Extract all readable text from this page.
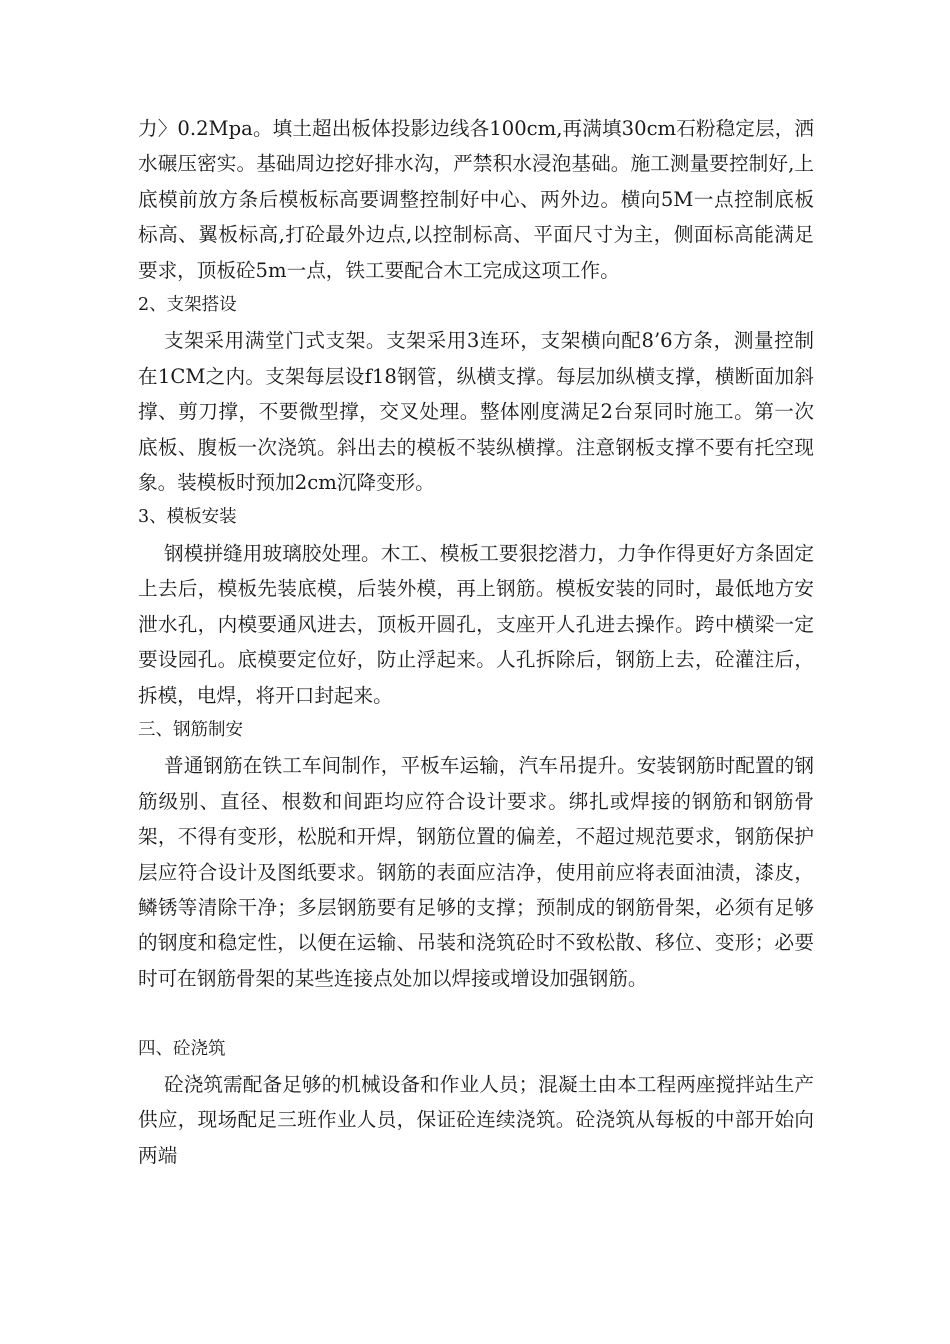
力〉0.2Mpa。填土超出板体投影边线各100cm,再满填30cm石粉稳定层，洒水碾压密实。基础周边挖好排水沟，严禁积水浸泡基础。施工测量要控制好,上底模前放方条后模板标高要调整控制好中心、两外边。横向5M一点控制底板标高、翼板标高,打砼最外边点,以控制标高、平面尺寸为主，侧面标高能满足要求，顶板砼5m一点，铁工要配合木工完成这项工作。

2、支架搭设

支架采用满堂门式支架。支架采用3连环，支架横向配8’6方条，测量控制在1CM之内。支架每层设f18钢管，纵横支撑。每层加纵横支撑，横断面加斜撑、剪刀撑，不要微型撑，交叉处理。整体刚度满足2台泵同时施工。第一次底板、腹板一次浇筑。斜出去的模板不装纵横撑。注意钢板支撑不要有托空现象。装模板时预加2cm沉降变形。

3、模板安装

钢模拼缝用玻璃胶处理。木工、模板工要狠挖潜力，力争作得更好方条固定上去后，模板先装底模，后装外模，再上钢筋。模板安装的同时，最低地方安泄水孔，内模要通风进去，顶板开圆孔，支座开人孔进去操作。跨中横梁一定要设园孔。底模要定位好，防止浮起来。人孔拆除后，钢筋上去，砼灌注后，拆模，电焊，将开口封起来。

三、钢筋制安

普通钢筋在铁工车间制作，平板车运输，汽车吊提升。安装钢筋时配置的钢筋级别、直径、根数和间距均应符合设计要求。绑扎或焊接的钢筋和钢筋骨架，不得有变形，松脱和开焊，钢筋位置的偏差，不超过规范要求，钢筋保护层应符合设计及图纸要求。钢筋的表面应洁净，使用前应将表面油渍，漆皮，鳞锈等清除干净；多层钢筋要有足够的支撑；预制成的钢筋骨架，必须有足够的钢度和稳定性，以便在运输、吊装和浇筑砼时不致松散、移位、变形；必要时可在钢筋骨架的某些连接点处加以焊接或增设加强钢筋。

四、砼浇筑

砼浇筑需配备足够的机械设备和作业人员；混凝土由本工程两座搅拌站生产供应，现场配足三班作业人员，保证砼连续浇筑。砼浇筑从每板的中部开始向两端
